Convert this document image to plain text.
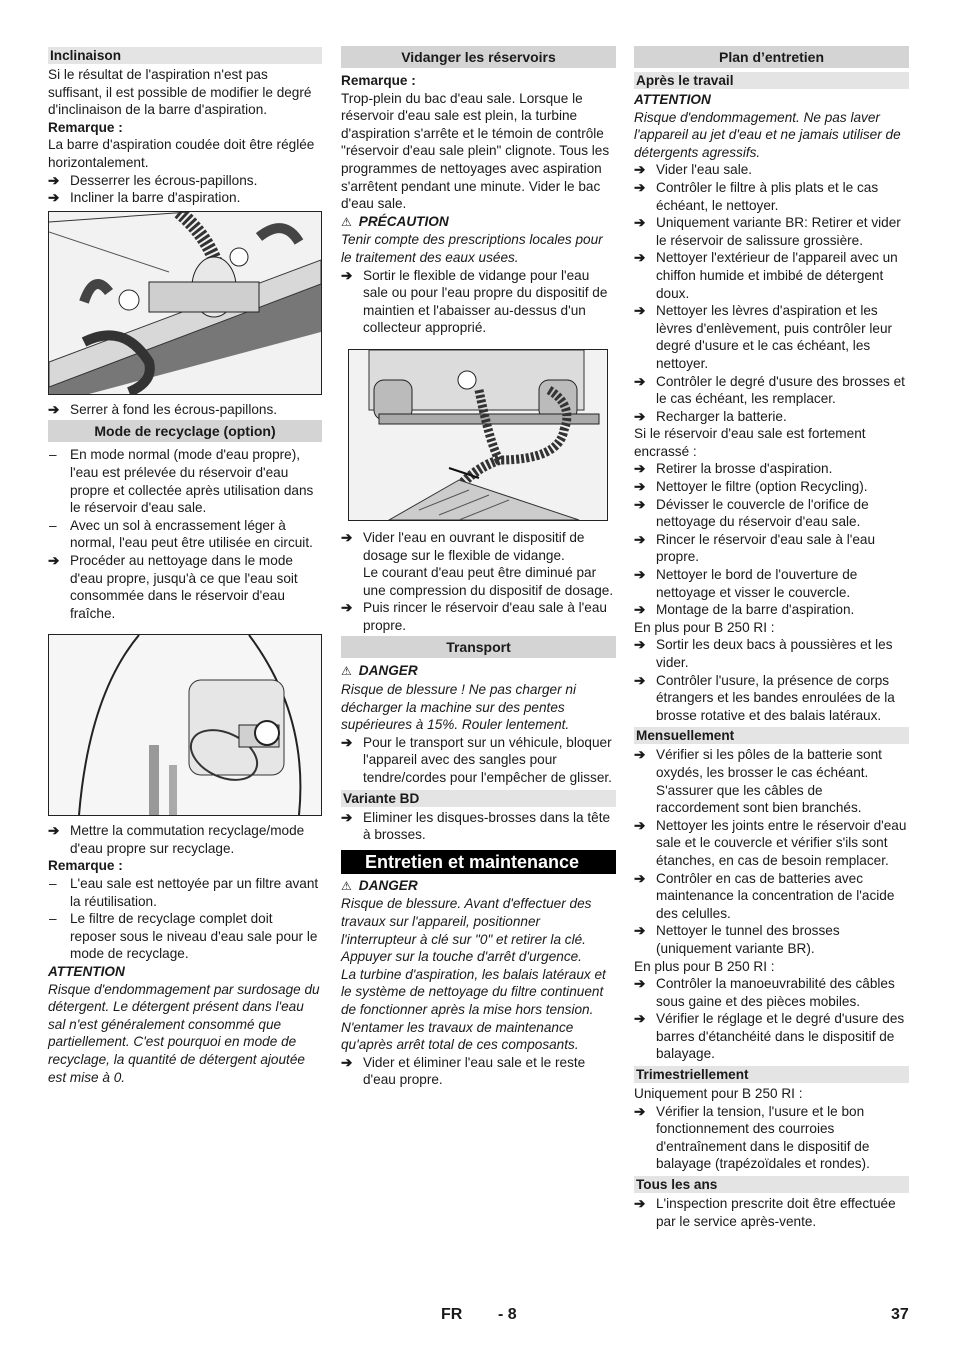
Inclinaison

Si le résultat de l'aspiration n'est pas suffisant, il est possible de modifier le degré d'inclinaison de la barre d'aspiration.

Remarque :

La barre d'aspiration coudée doit être réglée horizontalement.

➔ Desserrer les écrous-papillons.
➔ Incliner la barre d'aspiration.
➔ Serrer à fond les écrous-papillons.
Mode de recyclage (option)
– En mode normal (mode d'eau propre), l'eau est prélevée du réservoir d'eau propre et collectée après utilisation dans le réservoir d'eau sale.
– Avec un sol à encrassement léger à normal, l'eau peut être utilisée en circuit.
➔ Procéder au nettoyage dans le mode d'eau propre, jusqu'à ce que l'eau soit consommée dans le réservoir d'eau fraîche.
➔ Mettre la commutation recyclage/mode d'eau propre sur recyclage.

Remarque :

– L'eau sale est nettoyée par un filtre avant la réutilisation.
– Le filtre de recyclage complet doit reposer sous le niveau d'eau sale pour le mode de recyclage.

ATTENTION

Risque d'endommagement par surdosage du détergent. Le détergent présent dans l'eau sal n'est généralement consommé que partiellement. C'est pourquoi en mode de recyclage, la quantité de détergent ajoutée est mise à 0.

Vidanger les réservoirs

Remarque :

Trop-plein du bac d'eau sale. Lorsque le réservoir d'eau sale est plein, la turbine d'aspiration s'arrête et le témoin de contrôle "réservoir d'eau sale plein" clignote. Tous les programmes de nettoyages avec aspiration s'arrêtent pendant une minute. Vider le bac d'eau sale.

⚠ PRÉCAUTION

Tenir compte des prescriptions locales pour le traitement des eaux usées.

➔ Sortir le flexible de vidange pour l'eau sale ou pour l'eau propre du dispositif de maintien et l'abaisser au-dessus d'un collecteur approprié.
➔ Vider l'eau en ouvrant le dispositif de dosage sur le flexible de vidange.

Le courant d'eau peut être diminué par une compression du dispositif de dosage.

➔ Puis rincer le réservoir d'eau sale à l'eau propre.
Transport

⚠ DANGER

Risque de blessure ! Ne pas charger ni décharger la machine sur des pentes supérieures à 15%. Rouler lentement.

➔ Pour le transport sur un véhicule, bloquer l'appareil avec des sangles pour tendre/cordes pour l'empêcher de glisser.
Variante BD
➔ Eliminer les disques-brosses dans la tête à brosses.
Entretien et maintenance

⚠ DANGER

Risque de blessure. Avant d'effectuer des travaux sur l'appareil, positionner l'interrupteur à clé sur "0" et retirer la clé. Appuyer sur la touche d'arrêt d'urgence.

La turbine d'aspiration, les balais latéraux et le système de nettoyage du filtre continuent de fonctionner après la mise hors tension. N'entamer les travaux de maintenance qu'après arrêt total de ces composants.

➔ Vider et éliminer l'eau sale et le reste d'eau propre.
Plan d’entretien
Après le travail

ATTENTION

Risque d'endommagement. Ne pas laver l'appareil au jet d'eau et ne jamais utiliser de détergents agressifs.

➔ Vider l'eau sale.
➔ Contrôler le filtre à plis plats et le cas échéant, le nettoyer.
➔ Uniquement variante BR: Retirer et vider le réservoir de salissure grossière.
➔ Nettoyer l'extérieur de l'appareil avec un chiffon humide et imbibé de détergent doux.
➔ Nettoyer les lèvres d'aspiration et les lèvres d'enlèvement, puis contrôler leur degré d'usure et le cas échéant, les nettoyer.
➔ Contrôler le degré d'usure des brosses et le cas échéant, les remplacer.
➔ Recharger la batterie.

Si le réservoir d'eau sale est fortement encrassé :

➔ Retirer la brosse d'aspiration.
➔ Nettoyer le filtre (option Recycling).
➔ Dévisser le couvercle de l'orifice de nettoyage du réservoir d'eau sale.
➔ Rincer le réservoir d'eau sale à l'eau propre.
➔ Nettoyer le bord de l'ouverture de nettoyage et visser le couvercle.
➔ Montage de la barre d'aspiration.

En plus pour B 250 RI :

➔ Sortir les deux bacs à poussières et les vider.
➔ Contrôler l'usure, la présence de corps étrangers et les bandes enroulées de la brosse rotative et des balais latéraux.
Mensuellement
➔ Vérifier si les pôles de la batterie sont oxydés, les brosser le cas échéant. S'assurer que les câbles de raccordement sont bien branchés.
➔ Nettoyer les joints entre le réservoir d'eau sale et le couvercle et vérifier s'ils sont étanches, en cas de besoin remplacer.
➔ Contrôler en cas de batteries avec maintenance la concentration de l'acide des celulles.
➔ Nettoyer le tunnel des brosses (uniquement variante BR).

En plus pour B 250 RI :

➔ Contrôler la manoeuvrabilité des câbles sous gaine et des pièces mobiles.
➔ Vérifier le réglage et le degré d'usure des barres d'étanchéité dans le dispositif de balayage.
Trimestriellement

Uniquement pour B 250 RI :

➔ Vérifier la tension, l'usure et le bon fonctionnement des courroies d'entraînement dans le dispositif de balayage (trapézoïdales et rondes).
Tous les ans
➔ L'inspection prescrite doit être effectuée par le service après-vente.
FR - 8	37
